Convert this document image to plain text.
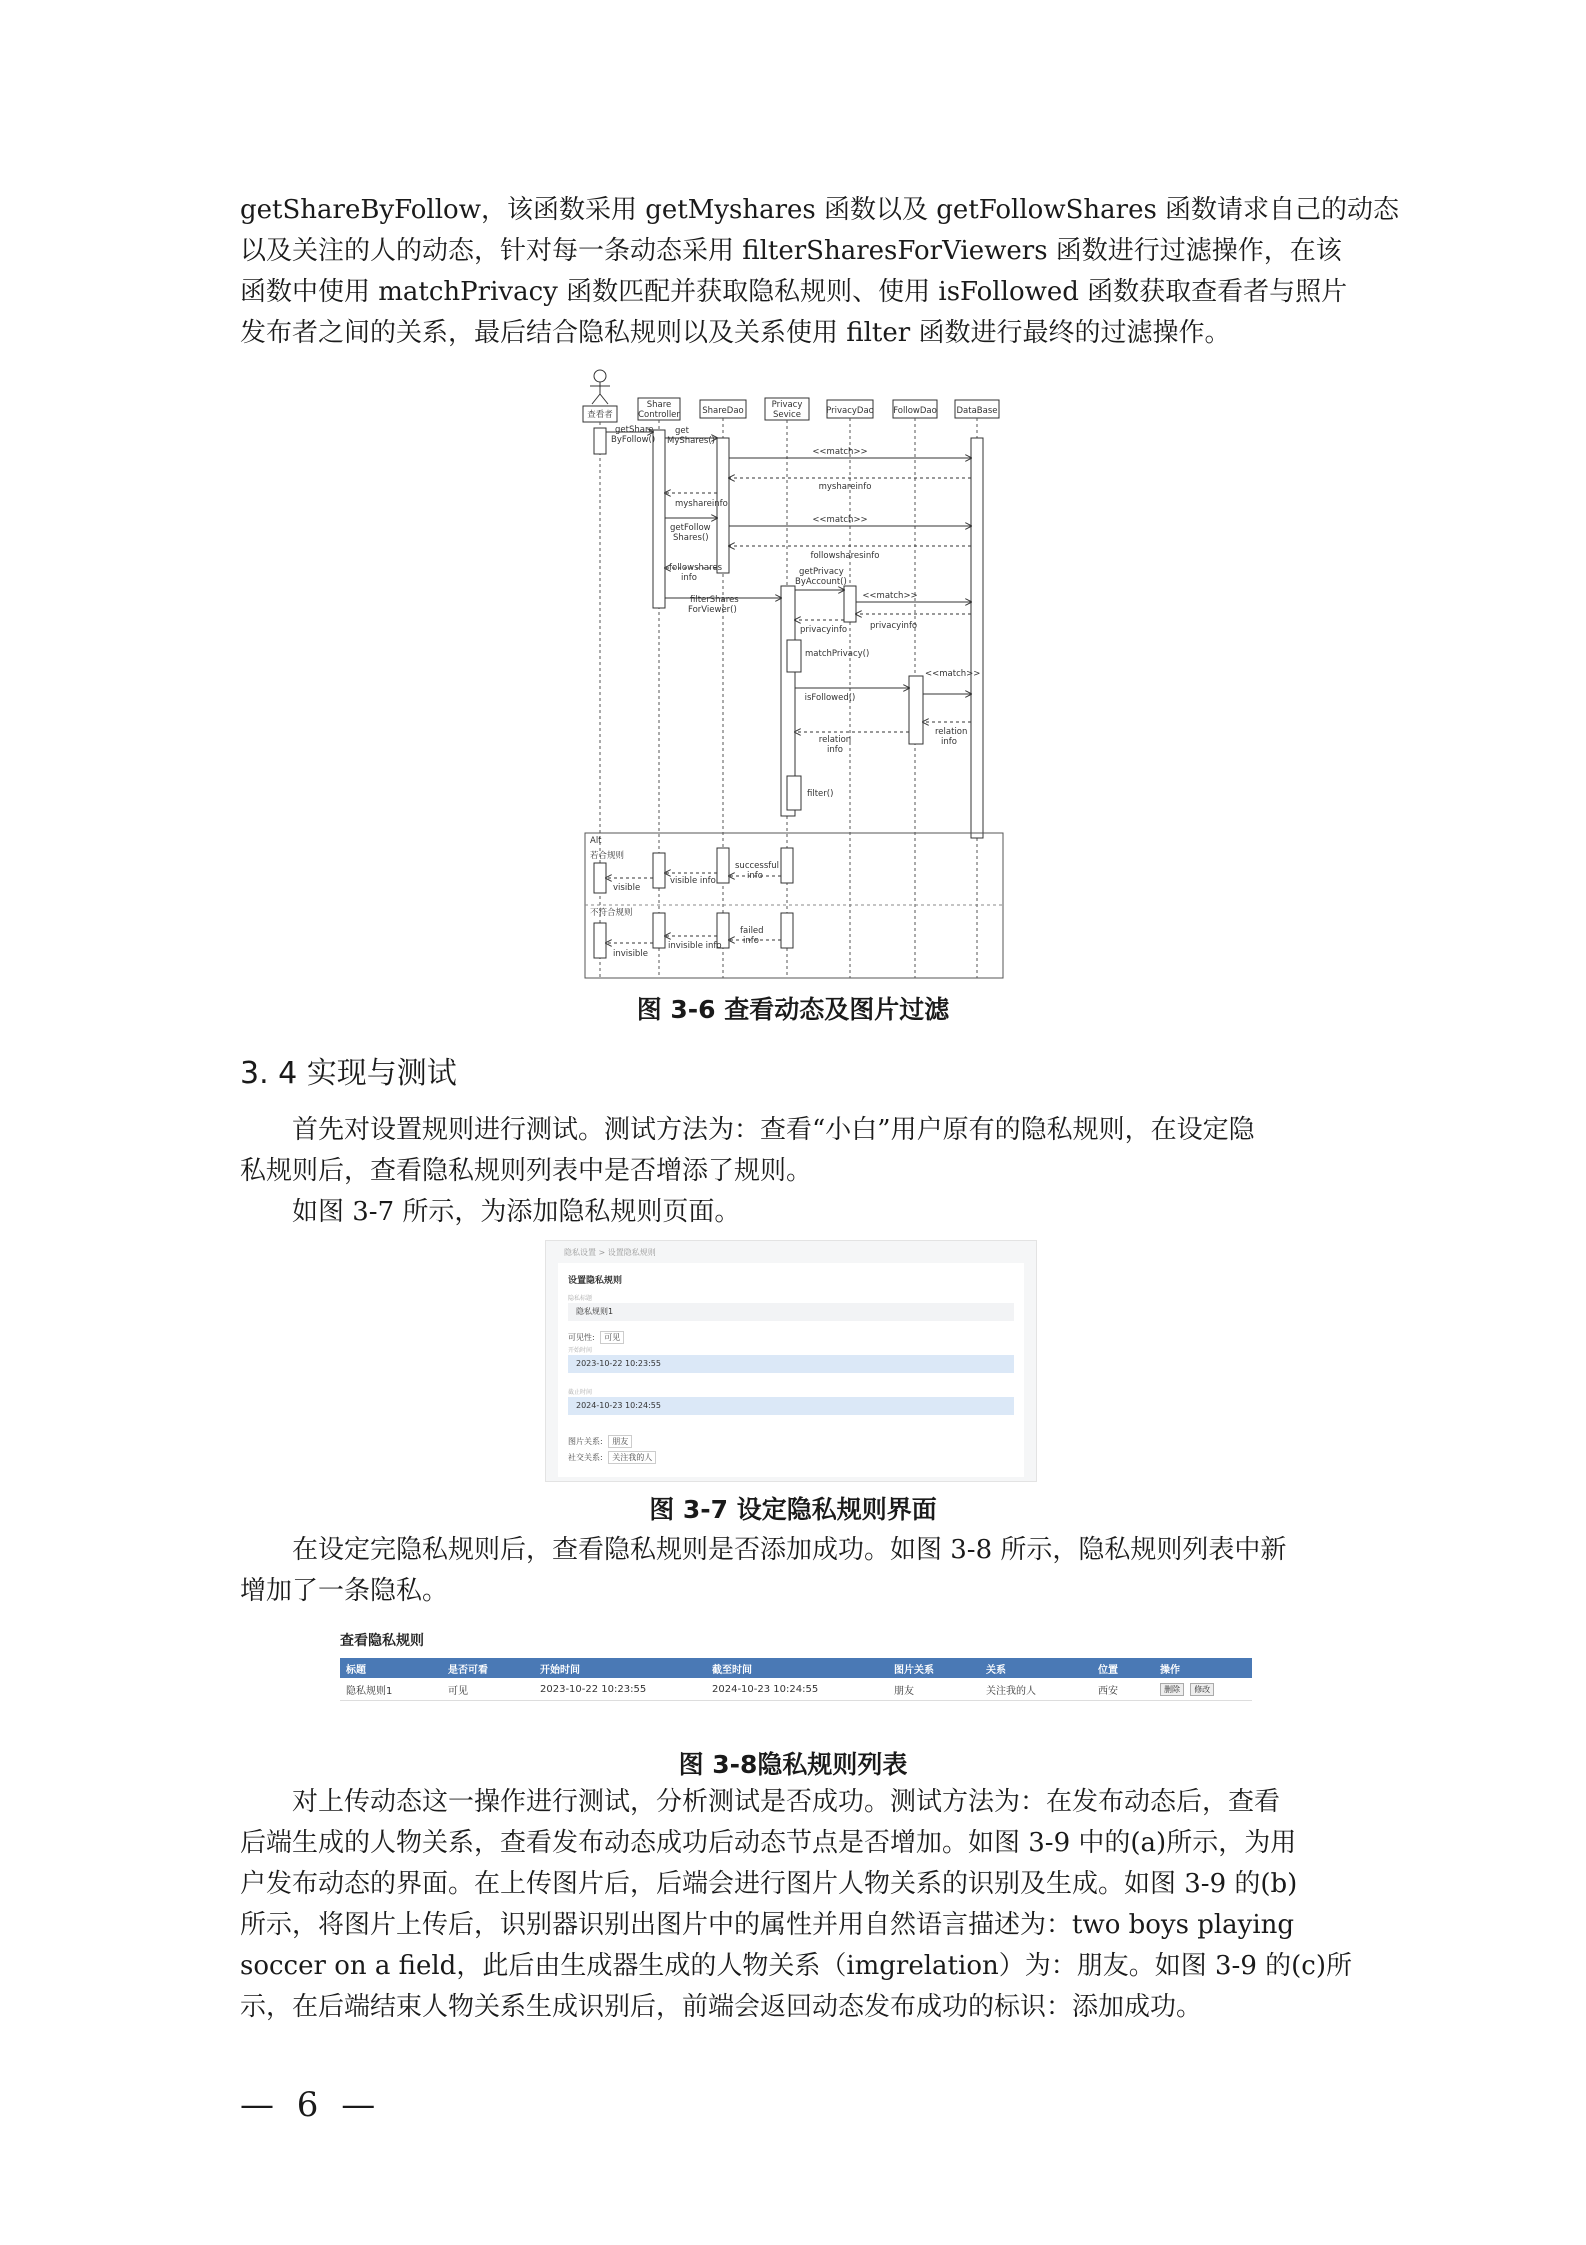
getShareByFollow，该函数采用 getMyshares 函数以及 getFollowShares 函数请求自己的动态
以及关注的人的动态，针对每一条动态采用 filterSharesForViewers 函数进行过滤操作，在该
函数中使用 matchPrivacy 函数匹配并获取隐私规则、使用 isFollowed 函数获取查看者与照片
发布者之间的关系，最后结合隐私规则以及关系使用 filter 函数进行最终的过滤操作。

查看者
Share
Controller	ShareDao
Privacy
Sevice	PrivacyDao FollowDao DataBase
getShare
ByFollow()
get
MyShares()
<<match>>
myshareinfo
myshareinfo
<<match>>
getFollow
Shares()
followsharesinfo
followshares
info
filterShares
ForViewer()
getPrivacy
ByAccount()
<<match>>
privacyinfo	privacyinfo
matchPrivacy()
isFollowed()
<<match>>
relation
info
relation
info
filter()
Alt
若合规则
不符合规则
successful
info
visible info
visible
failed
info
invisible info
invisible
图 3-6 查看动态及图片过滤
3. 4 实现与测试

首先对设置规则进行测试。测试方法为：查看“小白”用户原有的隐私规则，在设定隐
私规则后，查看隐私规则列表中是否增添了规则。
如图 3-7 所示，为添加隐私规则页面。

隐私设置 > 设置隐私规则
设置隐私规则
隐私标题
隐私规则1
可见性: 可见
开始时间
2023-10-22 10:23:55
截止时间
2024-10-23 10:24:55
图片关系: 朋友
社交关系: 关注我的人
图 3-7 设定隐私规则界面

在设定完隐私规则后，查看隐私规则是否添加成功。如图 3-8 所示，隐私规则列表中新
增加了一条隐私。

查看隐私规则
标题	是否可看	开始时间	截至时间	图片关系	关系	位置	操作
隐私规则1	可见	2023-10-22 10:23:55	2024-10-23 10:24:55	朋友	关注我的人	西安	删除 修改
图 3-8隐私规则列表

对上传动态这一操作进行测试，分析测试是否成功。测试方法为：在发布动态后，查看
后端生成的人物关系，查看发布动态成功后动态节点是否增加。如图 3-9 中的(a)所示，为用
户发布动态的界面。在上传图片后，后端会进行图片人物关系的识别及生成。如图 3-9 的(b)
所示，将图片上传后，识别器识别出图片中的属性并用自然语言描述为：two boys playing
soccer on a field，此后由生成器生成的人物关系（imgrelation）为：朋友。如图 3-9 的(c)所
示，在后端结束人物关系生成识别后，前端会返回动态发布成功的标识：添加成功。

— 6 —
